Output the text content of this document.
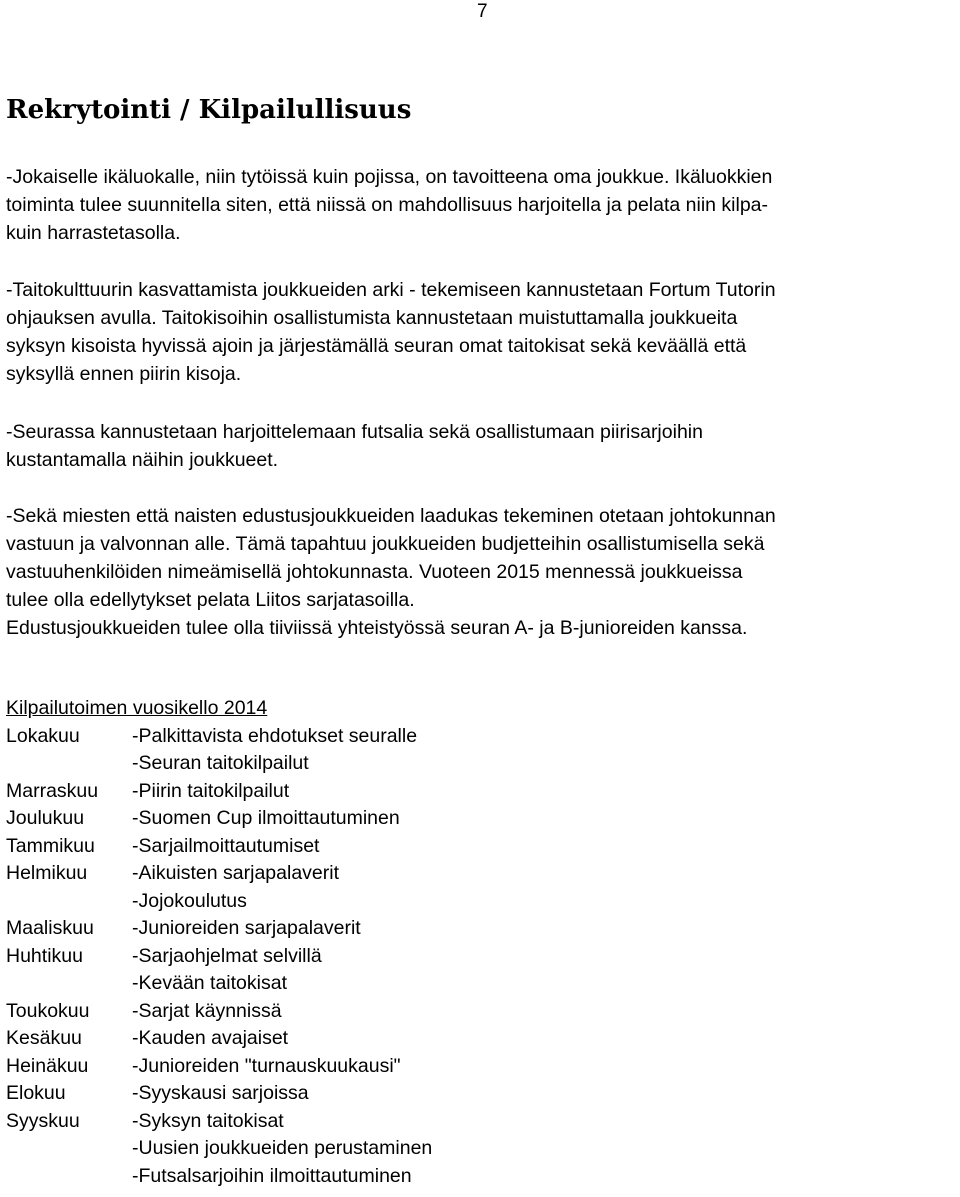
7
Rekrytointi / Kilpailullisuus

-Jokaiselle ikäluokalle, niin tytöissä kuin pojissa, on tavoitteena oma joukkue. Ikäluokkien
toiminta tulee suunnitella siten, että niissä on mahdollisuus harjoitella ja pelata niin kilpa-
kuin harrastetasolla.

-Taitokulttuurin kasvattamista joukkueiden arki - tekemiseen kannustetaan Fortum Tutorin
ohjauksen avulla. Taitokisoihin osallistumista kannustetaan muistuttamalla joukkueita
syksyn kisoista hyvissä ajoin ja järjestämällä seuran omat taitokisat sekä keväällä että
syksyllä ennen piirin kisoja.

-Seurassa kannustetaan harjoittelemaan futsalia sekä osallistumaan piirisarjoihin
kustantamalla näihin joukkueet.

-Sekä miesten että naisten edustusjoukkueiden laadukas tekeminen otetaan johtokunnan
vastuun ja valvonnan alle. Tämä tapahtuu joukkueiden budjetteihin osallistumisella sekä
vastuuhenkilöiden nimeämisellä johtokunnasta. Vuoteen 2015 mennessä joukkueissa
tulee olla edellytykset pelata Liitos sarjatasoilla.
Edustusjoukkueiden tulee olla tiiviissä yhteistyössä seuran A- ja B-junioreiden kanssa.

Kilpailutoimen vuosikello 2014
Lokakuu	-Palkittavista ehdotukset seuralle
-Seuran taitokilpailut
Marraskuu	-Piirin taitokilpailut
Joulukuu	-Suomen Cup ilmoittautuminen
Tammikuu	-Sarjailmoittautumiset
Helmikuu	-Aikuisten sarjapalaverit
-Jojokoulutus
Maaliskuu	-Junioreiden sarjapalaverit
Huhtikuu	-Sarjaohjelmat selvillä
-Kevään taitokisat
Toukokuu	-Sarjat käynnissä
Kesäkuu	-Kauden avajaiset
Heinäkuu	-Junioreiden "turnauskuukausi"
Elokuu	-Syyskausi sarjoissa
Syyskuu	-Syksyn taitokisat
-Uusien joukkueiden perustaminen
-Futsalsarjoihin ilmoittautuminen
